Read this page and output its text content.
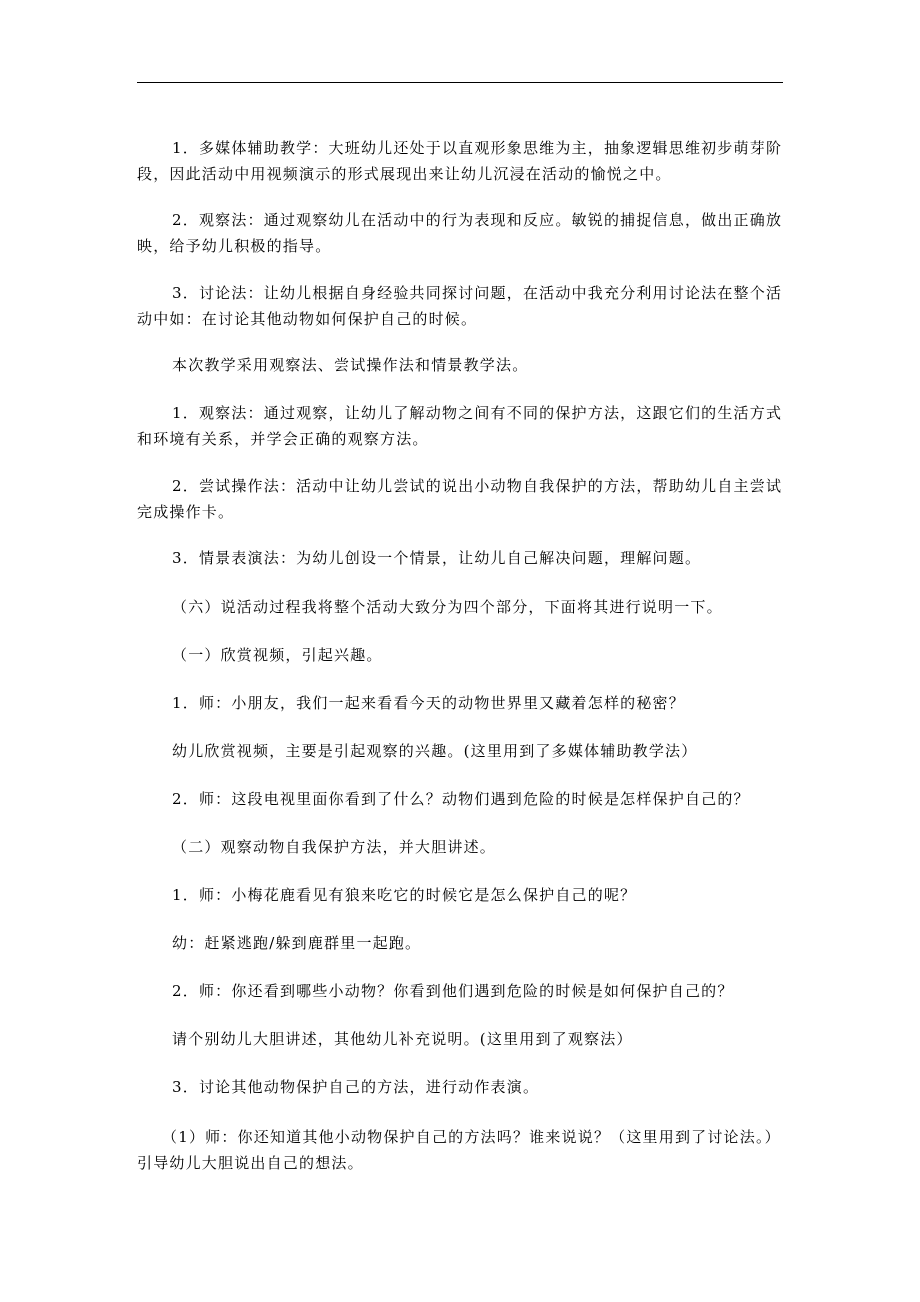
1．多媒体辅助教学：大班幼儿还处于以直观形象思维为主，抽象逻辑思维初步萌芽阶
段，因此活动中用视频演示的形式展现出来让幼儿沉浸在活动的愉悦之中。
2．观察法：通过观察幼儿在活动中的行为表现和反应。敏锐的捕捉信息，做出正确放
映，给予幼儿积极的指导。
3．讨论法：让幼儿根据自身经验共同探讨问题，在活动中我充分利用讨论法在整个活
动中如：在讨论其他动物如何保护自己的时候。
本次教学采用观察法、尝试操作法和情景教学法。
1．观察法：通过观察，让幼儿了解动物之间有不同的保护方法，这跟它们的生活方式
和环境有关系，并学会正确的观察方法。
2．尝试操作法：活动中让幼儿尝试的说出小动物自我保护的方法，帮助幼儿自主尝试
完成操作卡。
3．情景表演法：为幼儿创设一个情景，让幼儿自己解决问题，理解问题。
（六）说活动过程我将整个活动大致分为四个部分，下面将其进行说明一下。
（一）欣赏视频，引起兴趣。
1．师：小朋友，我们一起来看看今天的动物世界里又藏着怎样的秘密？
幼儿欣赏视频，主要是引起观察的兴趣。(这里用到了多媒体辅助教学法）
2．师：这段电视里面你看到了什么？动物们遇到危险的时候是怎样保护自己的？
（二）观察动物自我保护方法，并大胆讲述。
1．师：小梅花鹿看见有狼来吃它的时候它是怎么保护自己的呢？
幼：赶紧逃跑/躲到鹿群里一起跑。
2．师：你还看到哪些小动物？你看到他们遇到危险的时候是如何保护自己的？
请个别幼儿大胆讲述，其他幼儿补充说明。(这里用到了观察法）
3．讨论其他动物保护自己的方法，进行动作表演。
（1）师：你还知道其他小动物保护自己的方法吗？谁来说说？（这里用到了讨论法。）
引导幼儿大胆说出自己的想法。
